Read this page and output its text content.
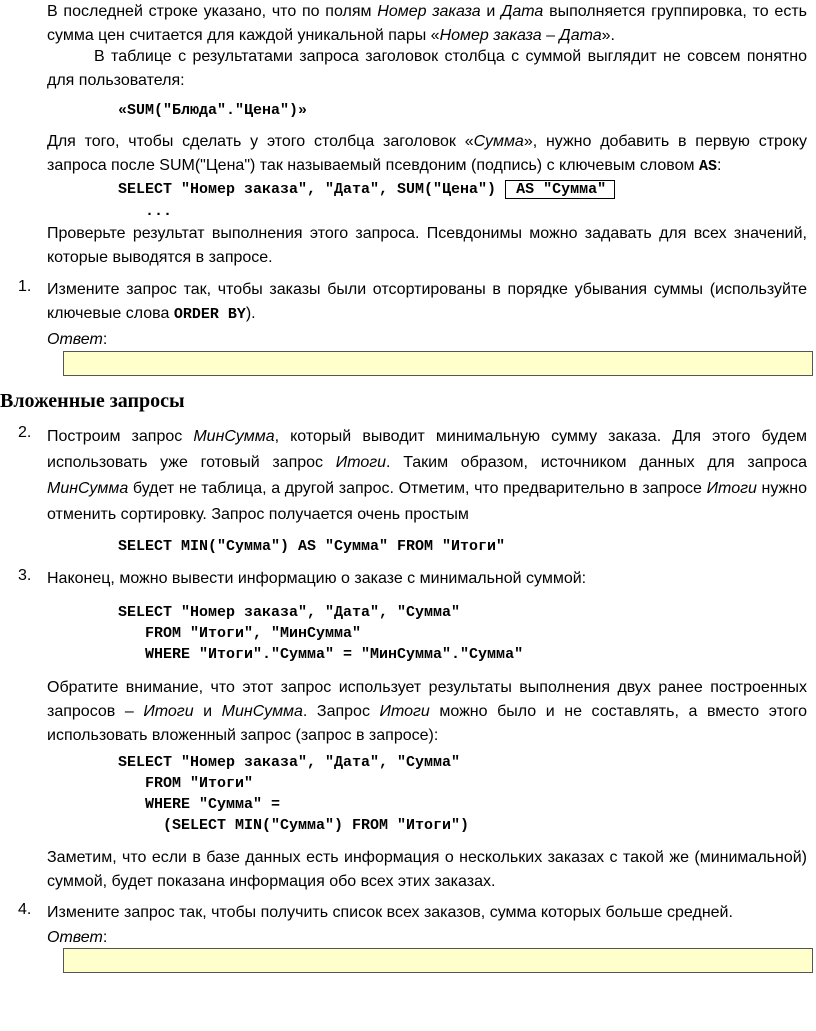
В последней строке указано, что по полям Номер заказа и Дата выполняется группировка, то есть сумма цен считается для каждой уникальной пары «Номер заказа – Дата».

В таблице с результатами запроса заголовок столбца с суммой выглядит не совсем понятно для пользователя:

«SUM("Блюда"."Цена")»

Для того, чтобы сделать у этого столбца заголовок «Сумма», нужно добавить в первую строку запроса после SUM("Цена") так называемый псевдоним (подпись) с ключевым словом AS:

SELECT "Номер заказа", "Дата", SUM("Цена") AS "Сумма"
...

Проверьте результат выполнения этого запроса. Псевдонимы можно задавать для всех значений, которые выводятся в запросе.

1. Измените запрос так, чтобы заказы были отсортированы в порядке убывания суммы (используйте ключевые слова ORDER BY).

Ответ:

Вложенные запросы
2. Построим запрос МинСумма, который выводит минимальную сумму заказа. Для этого будем использовать уже готовый запрос Итоги. Таким образом, источником данных для запроса МинСумма будет не таблица, а другой запрос. Отметим, что предварительно в запросе Итоги нужно отменить сортировку. Запрос получается очень простым

SELECT MIN("Сумма") AS "Сумма" FROM "Итоги"
3. Наконец, можно вывести информацию о заказе с минимальной суммой:

SELECT "Номер заказа", "Дата", "Сумма"
FROM "Итоги", "МинСумма"
WHERE "Итоги"."Сумма" = "МинСумма"."Сумма"

Обратите внимание, что этот запрос использует результаты выполнения двух ранее построенных запросов – Итоги и МинСумма. Запрос Итоги можно было и не составлять, а вместо этого использовать вложенный запрос (запрос в запросе):

SELECT "Номер заказа", "Дата", "Сумма"
FROM "Итоги"
WHERE "Сумма" =
(SELECT MIN("Сумма") FROM "Итоги")

Заметим, что если в базе данных есть информация о нескольких заказах с такой же (минимальной) суммой, будет показана информация обо всех этих заказах.

4. Измените запрос так, чтобы получить список всех заказов, сумма которых больше средней.

Ответ:
